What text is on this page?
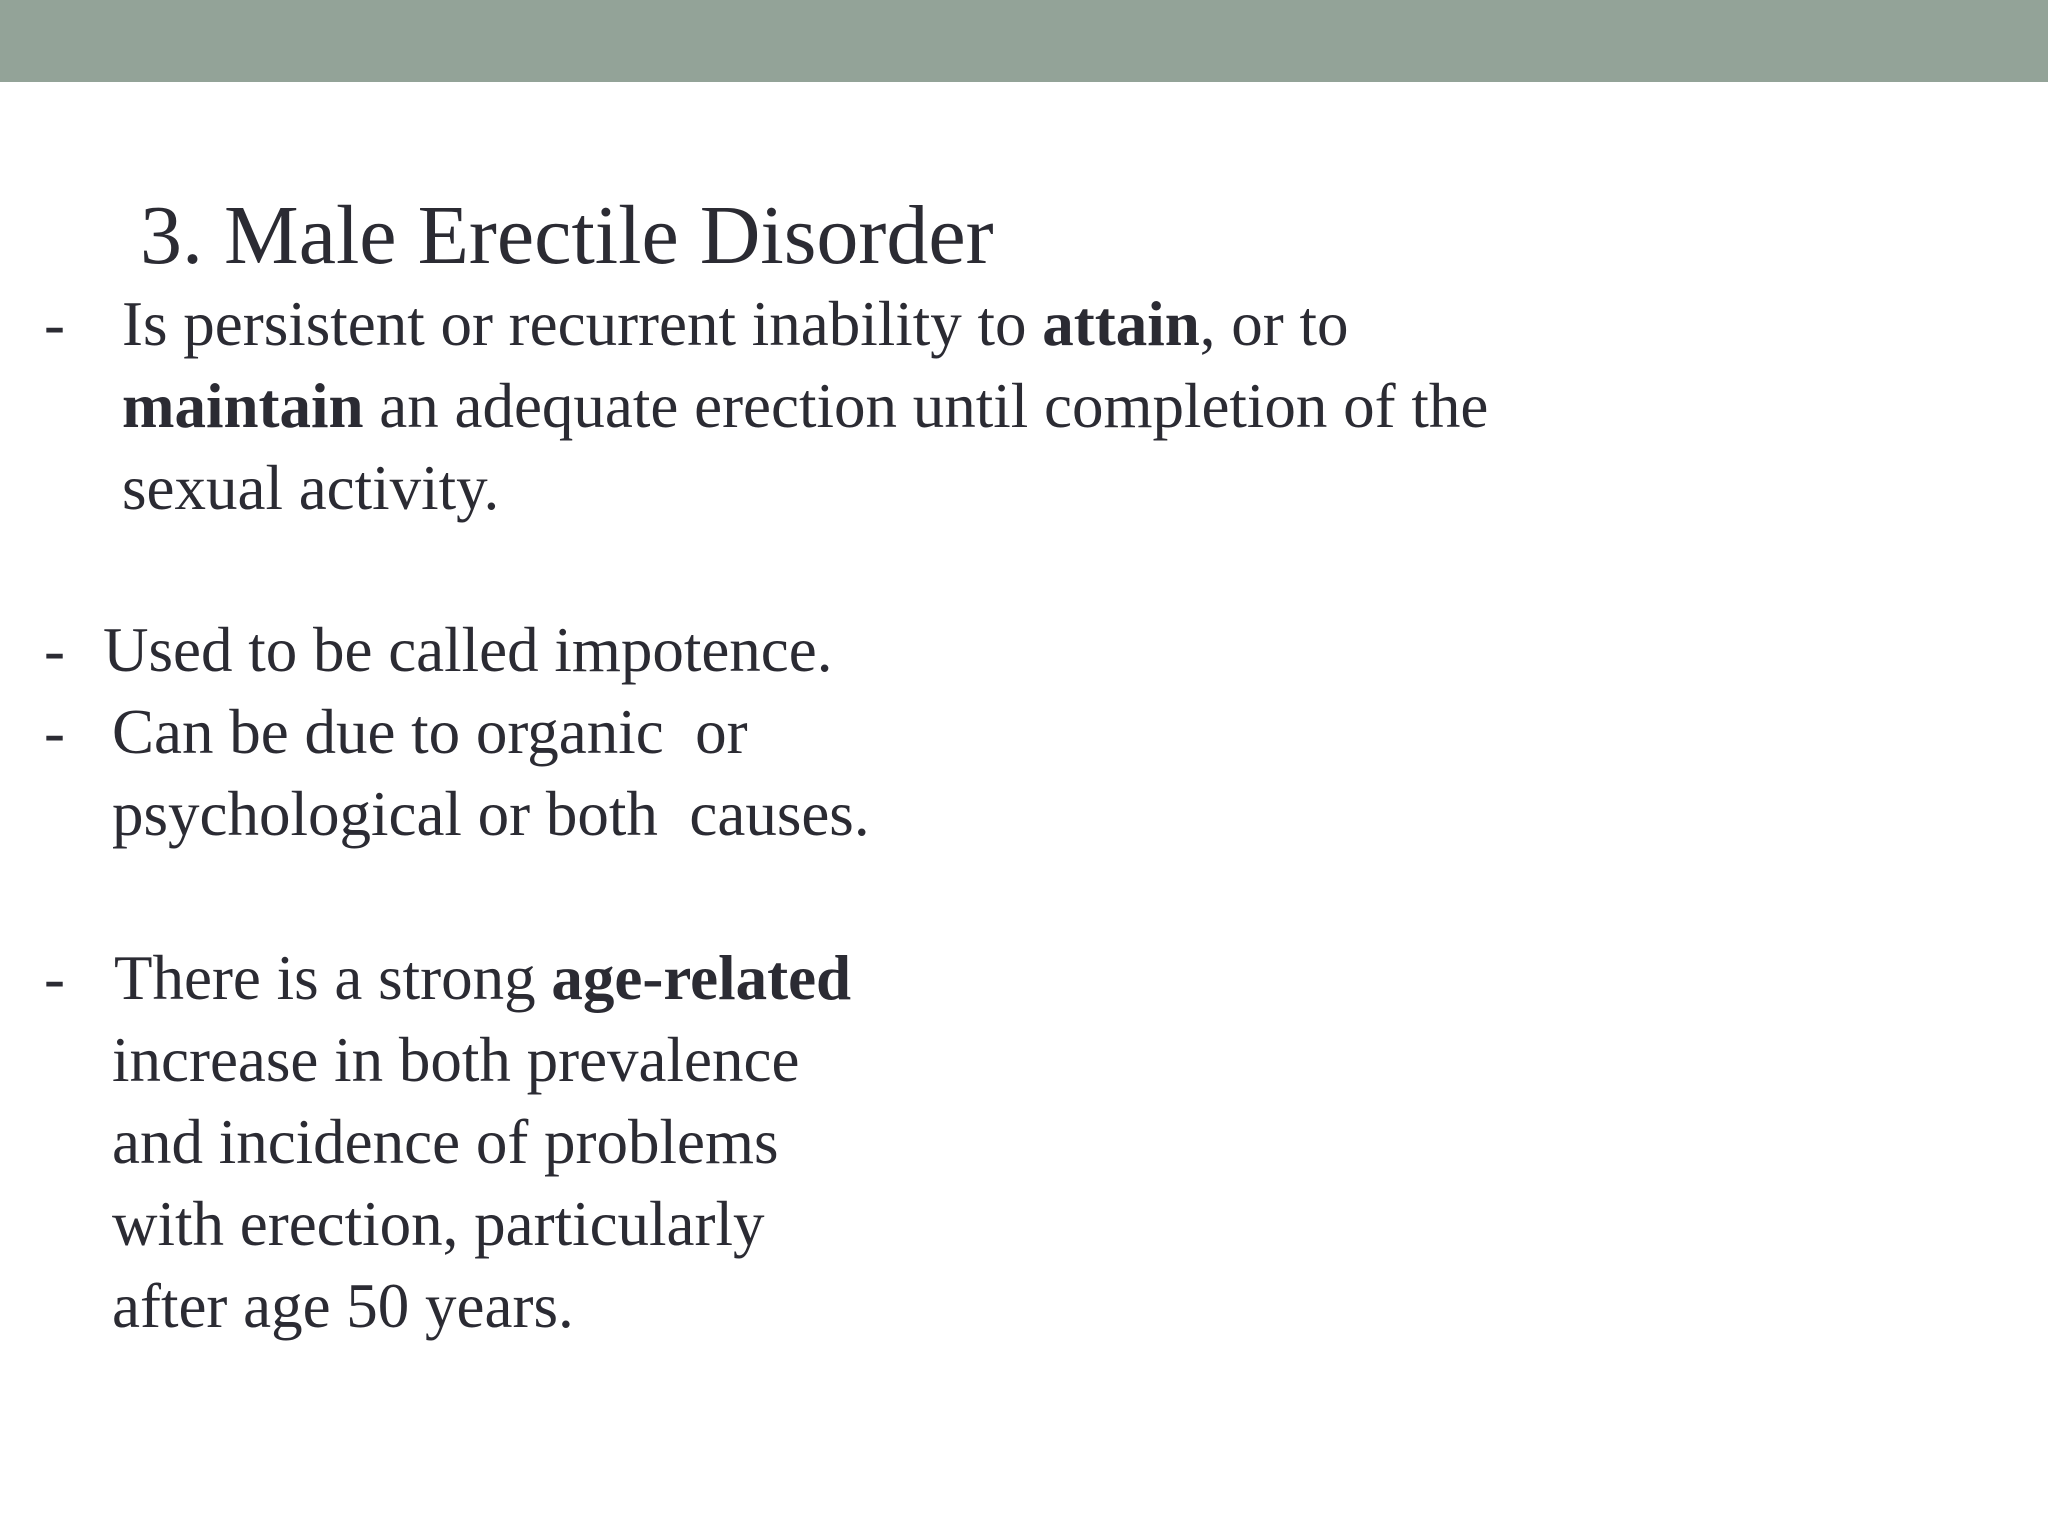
3. Male Erectile Disorder
- Is persistent or recurrent inability to attain, or to
maintain an adequate erection until completion of the
sexual activity.
- Used to be called impotence.
- Can be due to organic  or
psychological or both  causes.
- There is a strong age-related
increase in both prevalence
and incidence of problems
with erection, particularly
after age 50 years.
